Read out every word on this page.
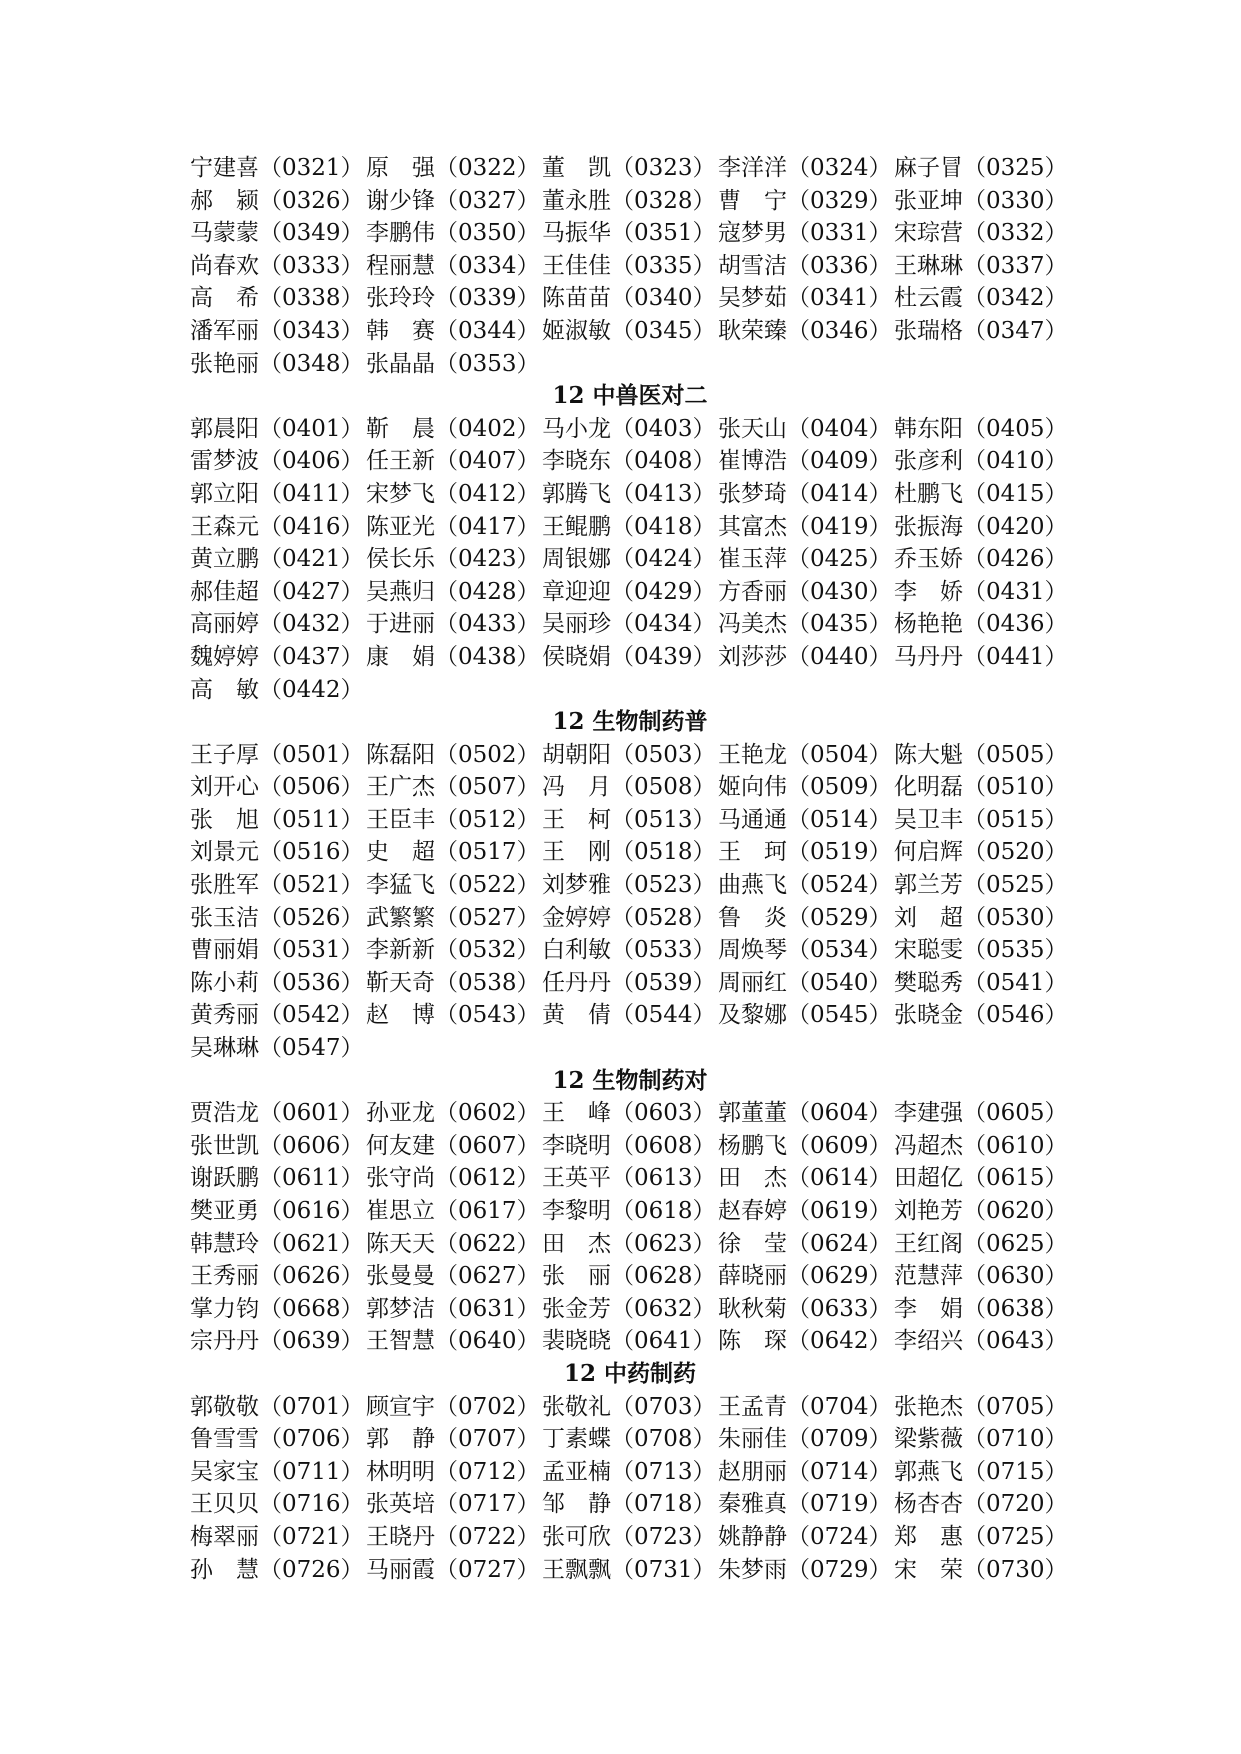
宁建喜（0321） 原　强（0322） 董　凯（0323） 李洋洋（0324） 麻子冒（0325）
郝　颍（0326） 谢少锋（0327） 董永胜（0328） 曹　宁（0329） 张亚坤（0330）
马蒙蒙（0349） 李鹏伟（0350） 马振华（0351） 寇梦男（0331） 宋琮营（0332）
尚春欢（0333） 程丽慧（0334） 王佳佳（0335） 胡雪洁（0336） 王琳琳（0337）
高　希（0338） 张玲玲（0339） 陈苗苗（0340） 吴梦茹（0341） 杜云霞（0342）
潘军丽（0343） 韩　赛（0344） 姬淑敏（0345） 耿荣臻（0346） 张瑞格（0347）
张艳丽（0348） 张晶晶（0353）
12 中兽医对二
郭晨阳（0401） 靳　晨（0402） 马小龙（0403） 张天山（0404） 韩东阳（0405）
雷梦波（0406） 任王新（0407） 李晓东（0408） 崔博浩（0409） 张彦利（0410）
郭立阳（0411） 宋梦飞（0412） 郭腾飞（0413） 张梦琦（0414） 杜鹏飞（0415）
王森元（0416） 陈亚光（0417） 王鲲鹏（0418） 其富杰（0419） 张振海（0420）
黄立鹏（0421） 侯长乐（0423） 周银娜（0424） 崔玉萍（0425） 乔玉娇（0426）
郝佳超（0427） 吴燕归（0428） 章迎迎（0429） 方香丽（0430） 李　娇（0431）
高丽婷（0432） 于进丽（0433） 吴丽珍（0434） 冯美杰（0435） 杨艳艳（0436）
魏婷婷（0437） 康　娟（0438） 侯晓娟（0439） 刘莎莎（0440） 马丹丹（0441）
高　敏（0442）
12 生物制药普
王子厚（0501） 陈磊阳（0502） 胡朝阳（0503） 王艳龙（0504） 陈大魁（0505）
刘开心（0506） 王广杰（0507） 冯　月（0508） 姬向伟（0509） 化明磊（0510）
张　旭（0511） 王臣丰（0512） 王　柯（0513） 马通通（0514） 吴卫丰（0515）
刘景元（0516） 史　超（0517） 王　刚（0518） 王　珂（0519） 何启辉（0520）
张胜军（0521） 李猛飞（0522） 刘梦雅（0523） 曲燕飞（0524） 郭兰芳（0525）
张玉洁（0526） 武繁繁（0527） 金婷婷（0528） 鲁　炎（0529） 刘　超（0530）
曹丽娟（0531） 李新新（0532） 白利敏（0533） 周焕琴（0534） 宋聪雯（0535）
陈小莉（0536） 靳天奇（0538） 任丹丹（0539） 周丽红（0540） 樊聪秀（0541）
黄秀丽（0542） 赵　博（0543） 黄　倩（0544） 及黎娜（0545） 张晓金（0546）
吴琳琳（0547）
12 生物制药对
贾浩龙（0601） 孙亚龙（0602） 王　峰（0603） 郭董董（0604） 李建强（0605）
张世凯（0606） 何友建（0607） 李晓明（0608） 杨鹏飞（0609） 冯超杰（0610）
谢跃鹏（0611） 张守尚（0612） 王英平（0613） 田　杰（0614） 田超亿（0615）
樊亚勇（0616） 崔思立（0617） 李黎明（0618） 赵春婷（0619） 刘艳芳（0620）
韩慧玲（0621） 陈天天（0622） 田　杰（0623） 徐　莹（0624） 王红阁（0625）
王秀丽（0626） 张曼曼（0627） 张　丽（0628） 薛晓丽（0629） 范慧萍（0630）
掌力钧（0668） 郭梦洁（0631） 张金芳（0632） 耿秋菊（0633） 李　娟（0638）
宗丹丹（0639） 王智慧（0640） 裴晓晓（0641） 陈　琛（0642） 李绍兴（0643）
12 中药制药
郭敬敬（0701） 顾宣宇（0702） 张敬礼（0703） 王孟青（0704） 张艳杰（0705）
鲁雪雪（0706） 郭　静（0707） 丁素蝶（0708） 朱丽佳（0709） 梁紫薇（0710）
吴家宝（0711） 林明明（0712） 孟亚楠（0713） 赵朋丽（0714） 郭燕飞（0715）
王贝贝（0716） 张英培（0717） 邹　静（0718） 秦雅真（0719） 杨杏杏（0720）
梅翠丽（0721） 王晓丹（0722） 张可欣（0723） 姚静静（0724） 郑　惠（0725）
孙　慧（0726） 马丽霞（0727） 王飘飘（0731） 朱梦雨（0729） 宋　荣（0730）
